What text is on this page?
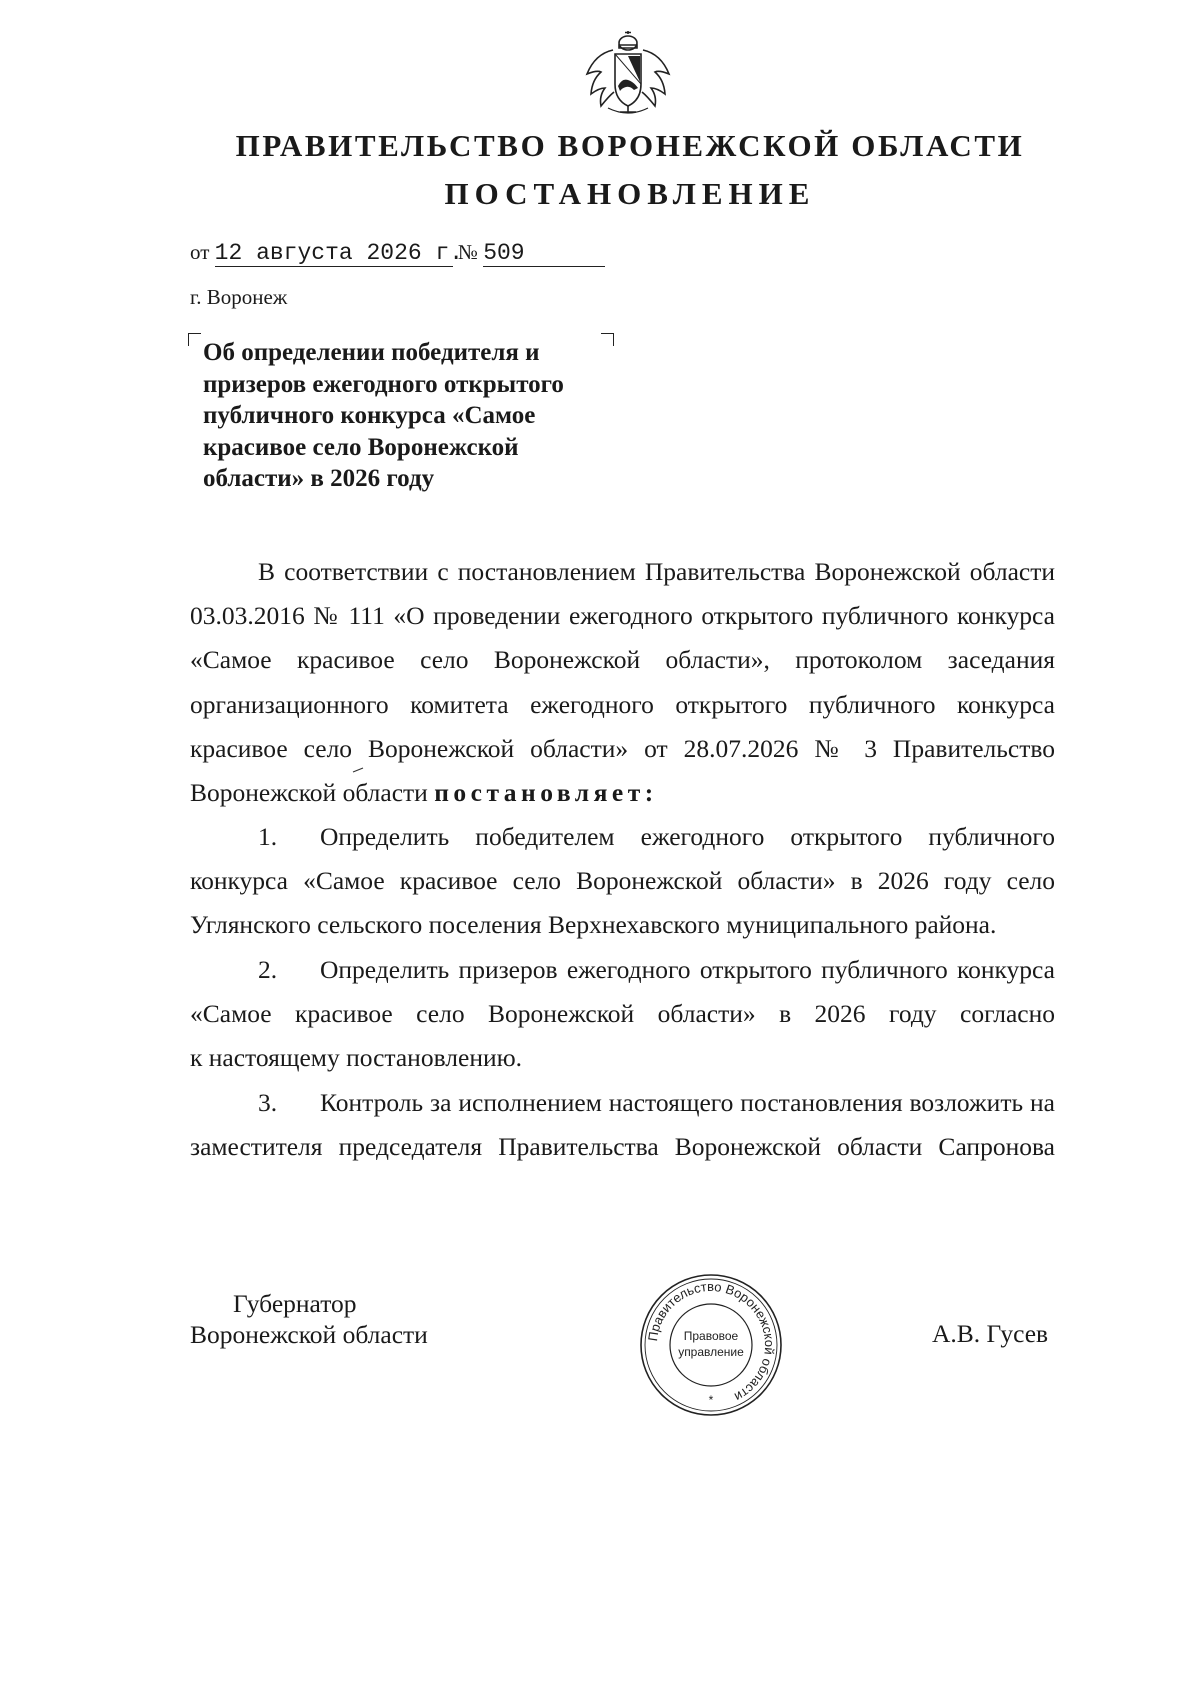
ПРАВИТЕЛЬСТВО ВОРОНЕЖСКОЙ ОБЛАСТИ
ПОСТАНОВЛЕНИЕ
от 12 августа 2026 г. № 509
г. Воронеж
Об определении победителя и
призеров ежегодного открытого
публичного конкурса «Самое
красивое село Воронежской
области» в 2026 году
В соответствии с постановлением Правительства Воронежской области
03.03.2016 № 111 «О проведении ежегодного открытого публичного конкурса
«Самое красивое село Воронежской области», протоколом заседания
организационного комитета ежегодного открытого публичного конкурса
красивое село Воронежской области» от 28.07.2026 № 3 Правительство
Воронежской области постановляет:
1. Определить победителем ежегодного открытого публичного
конкурса «Самое красивое село Воронежской области» в 2026 году село
Углянского сельского поселения Верхнехавского муниципального района.
2. Определить призеров ежегодного открытого публичного конкурса
«Самое красивое село Воронежской области» в 2026 году согласно
к настоящему постановлению.
3. Контроль за исполнением настоящего постановления возложить на
заместителя председателя Правительства Воронежской области Сапронова
Губернатор
Воронежской области	А.В. Гусев
Правительство Воронежской области
Правовое
управление
*
